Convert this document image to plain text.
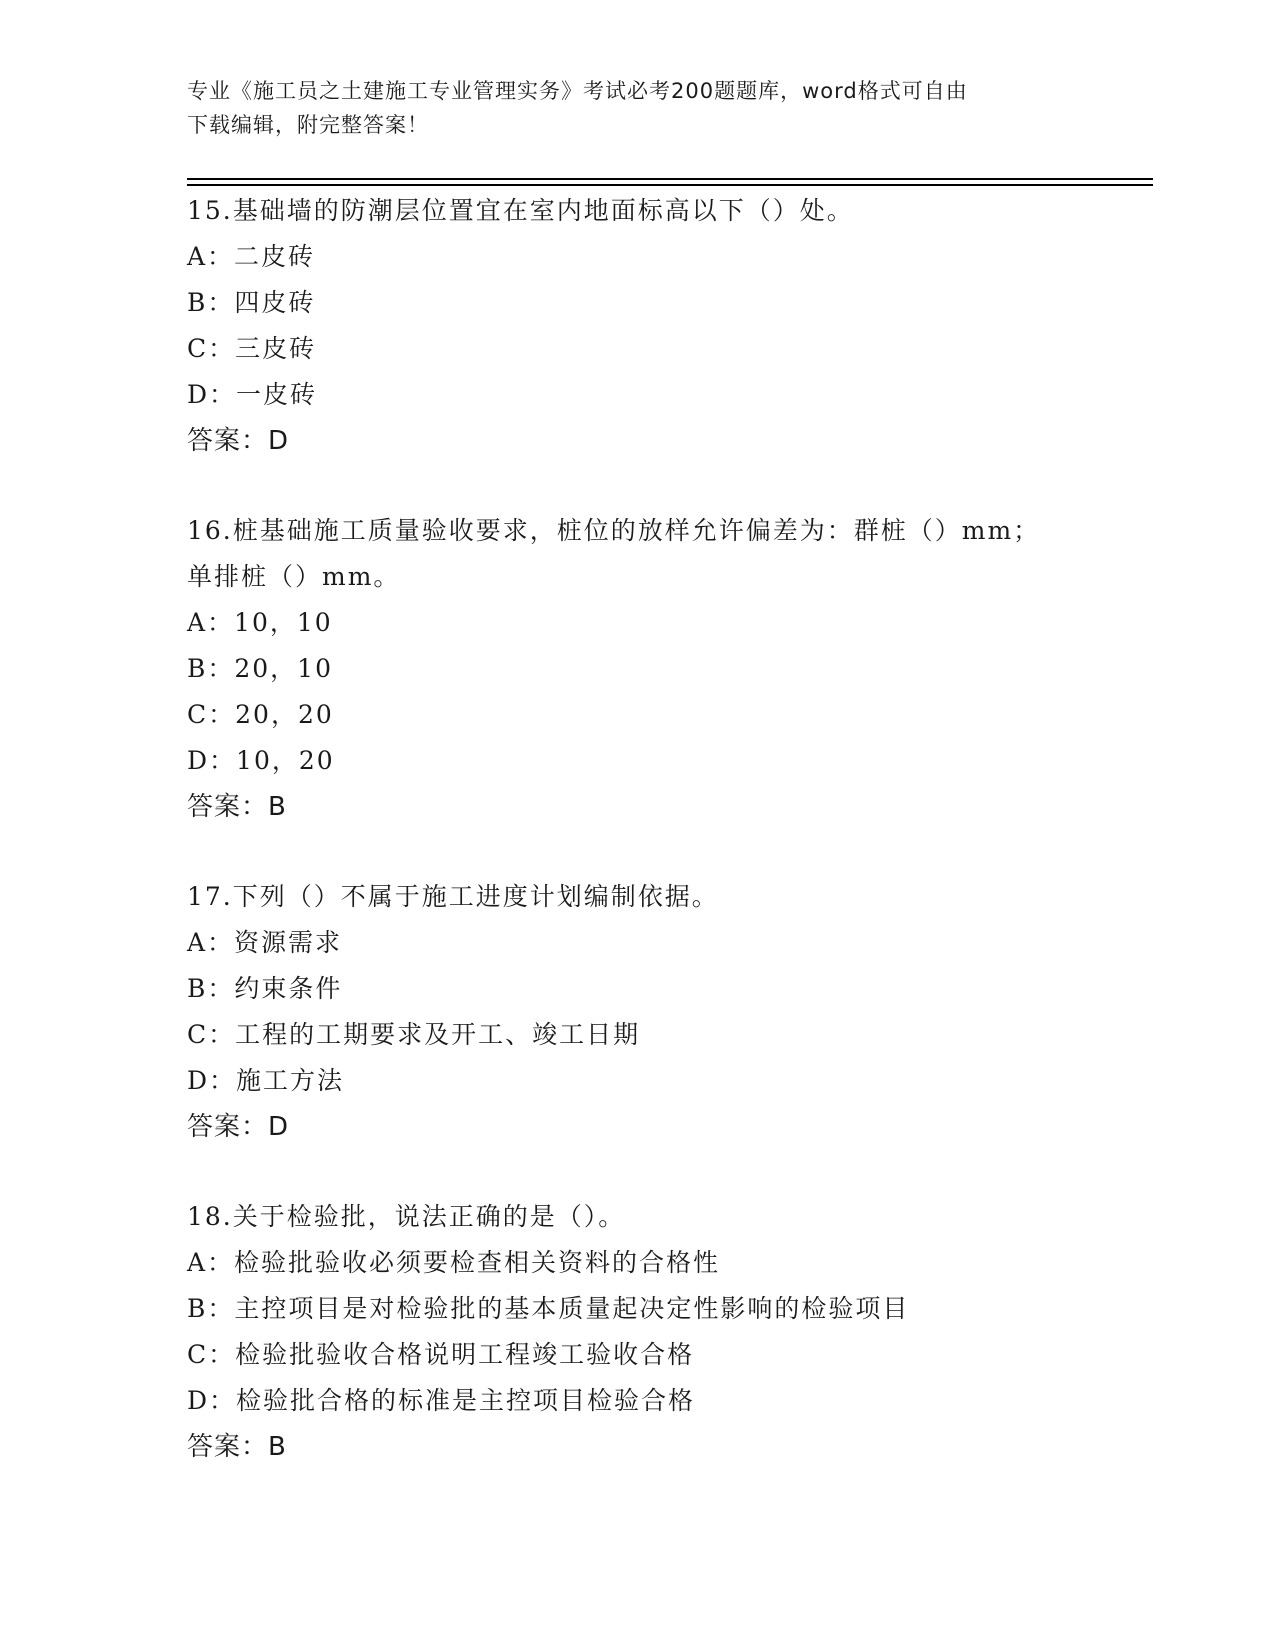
专业《施工员之土建施工专业管理实务》考试必考200题题库，word格式可自由
下载编辑，附完整答案！
15.基础墙的防潮层位置宜在室内地面标高以下（）处。
A：二皮砖
B：四皮砖
C：三皮砖
D：一皮砖
答案：D
16.桩基础施工质量验收要求，桩位的放样允许偏差为：群桩（）mm；
单排桩（）mm。
A：10，10
B：20，10
C：20，20
D：10，20
答案：B
17.下列（）不属于施工进度计划编制依据。
A：资源需求
B：约束条件
C：工程的工期要求及开工、竣工日期
D：施工方法
答案：D
18.关于检验批，说法正确的是（）。
A：检验批验收必须要检查相关资料的合格性
B：主控项目是对检验批的基本质量起决定性影响的检验项目
C：检验批验收合格说明工程竣工验收合格
D：检验批合格的标准是主控项目检验合格
答案：B
